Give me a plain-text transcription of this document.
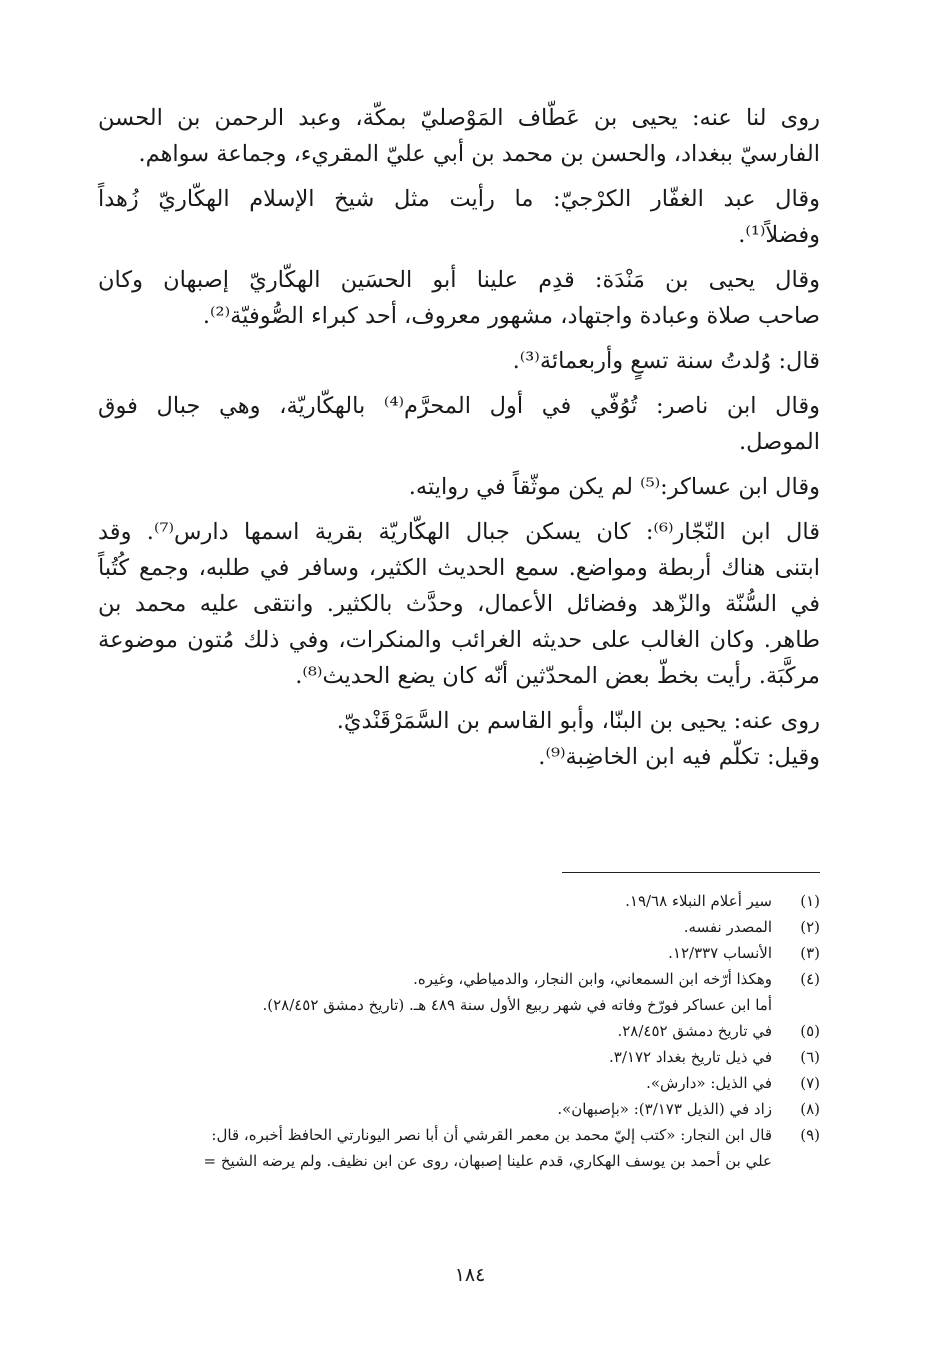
روى لنا عنه: يحيى بن عَطّاف المَوْصليّ بمكّة، وعبد الرحمن بن الحسن
الفارسيّ ببغداد، والحسن بن محمد بن أبي عليّ المقريء، وجماعة سواهم.
وقال عبد الغفّار الكرْجيّ: ما رأيت مثل شيخ الإسلام الهكّاريّ زُهداً
وفضلاً⁽¹⁾.
وقال يحيى بن مَنْدَة: قدِم علينا أبو الحسَين الهكّاريّ إصبهان وكان
صاحب صلاة وعبادة واجتهاد، مشهور معروف، أحد كبراء الصُّوفيّة⁽²⁾.
قال: وُلدتُ سنة تسعٍ وأربعمائة⁽³⁾.
وقال ابن ناصر: تُوُفّي في أول المحرَّم⁽⁴⁾ بالهكّاريّة، وهي جبال فوق
الموصل.
وقال ابن عساكر:⁽⁵⁾ لم يكن موثّقاً في روايته.
قال ابن النّجّار⁽⁶⁾: كان يسكن جبال الهكّاريّة بقرية اسمها دارس⁽⁷⁾. وقد
ابتنى هناك أربطة ومواضع. سمع الحديث الكثير، وسافر في طلبه، وجمع كُتُباً
في السُّنّة والزّهد وفضائل الأعمال، وحدَّث بالكثير. وانتقى عليه محمد بن
طاهر. وكان الغالب على حديثه الغرائب والمنكرات، وفي ذلك مُتون موضوعة
مركَّبَة. رأيت بخطّ بعض المحدّثين أنّه كان يضع الحديث⁽⁸⁾.
روى عنه: يحيى بن البنّا، وأبو القاسم بن السَّمَرْقَنْديّ.
وقيل: تكلّم فيه ابن الخاضِبة⁽⁹⁾.
(١)
سير أعلام النبلاء ١٩/٦٨.
(٢)
المصدر نفسه.
(٣)
الأنساب ١٢/٣٣٧.
(٤)
وهكذا أرّخه ابن السمعاني، وابن النجار، والدمياطي، وغيره.
أما ابن عساكر فورّخ وفاته في شهر ربيع الأول سنة ٤٨٩ هـ. (تاريخ دمشق ٢٨/٤٥٢).
(٥)
في تاريخ دمشق ٢٨/٤٥٢.
(٦)
في ذيل تاريخ بغداد ٣/١٧٢.
(٧)
في الذيل: «دارش».
(٨)
زاد في (الذيل ٣/١٧٣): «بإصبهان».
(٩)
قال ابن النجار: «كتب إليّ محمد بن معمر القرشي أن أبا نصر اليونارتي الحافظ أخبره، قال:
علي بن أحمد بن يوسف الهكاري، قدم علينا إصبهان، روى عن ابن نظيف. ولم يرضه الشيخ =
١٨٤
